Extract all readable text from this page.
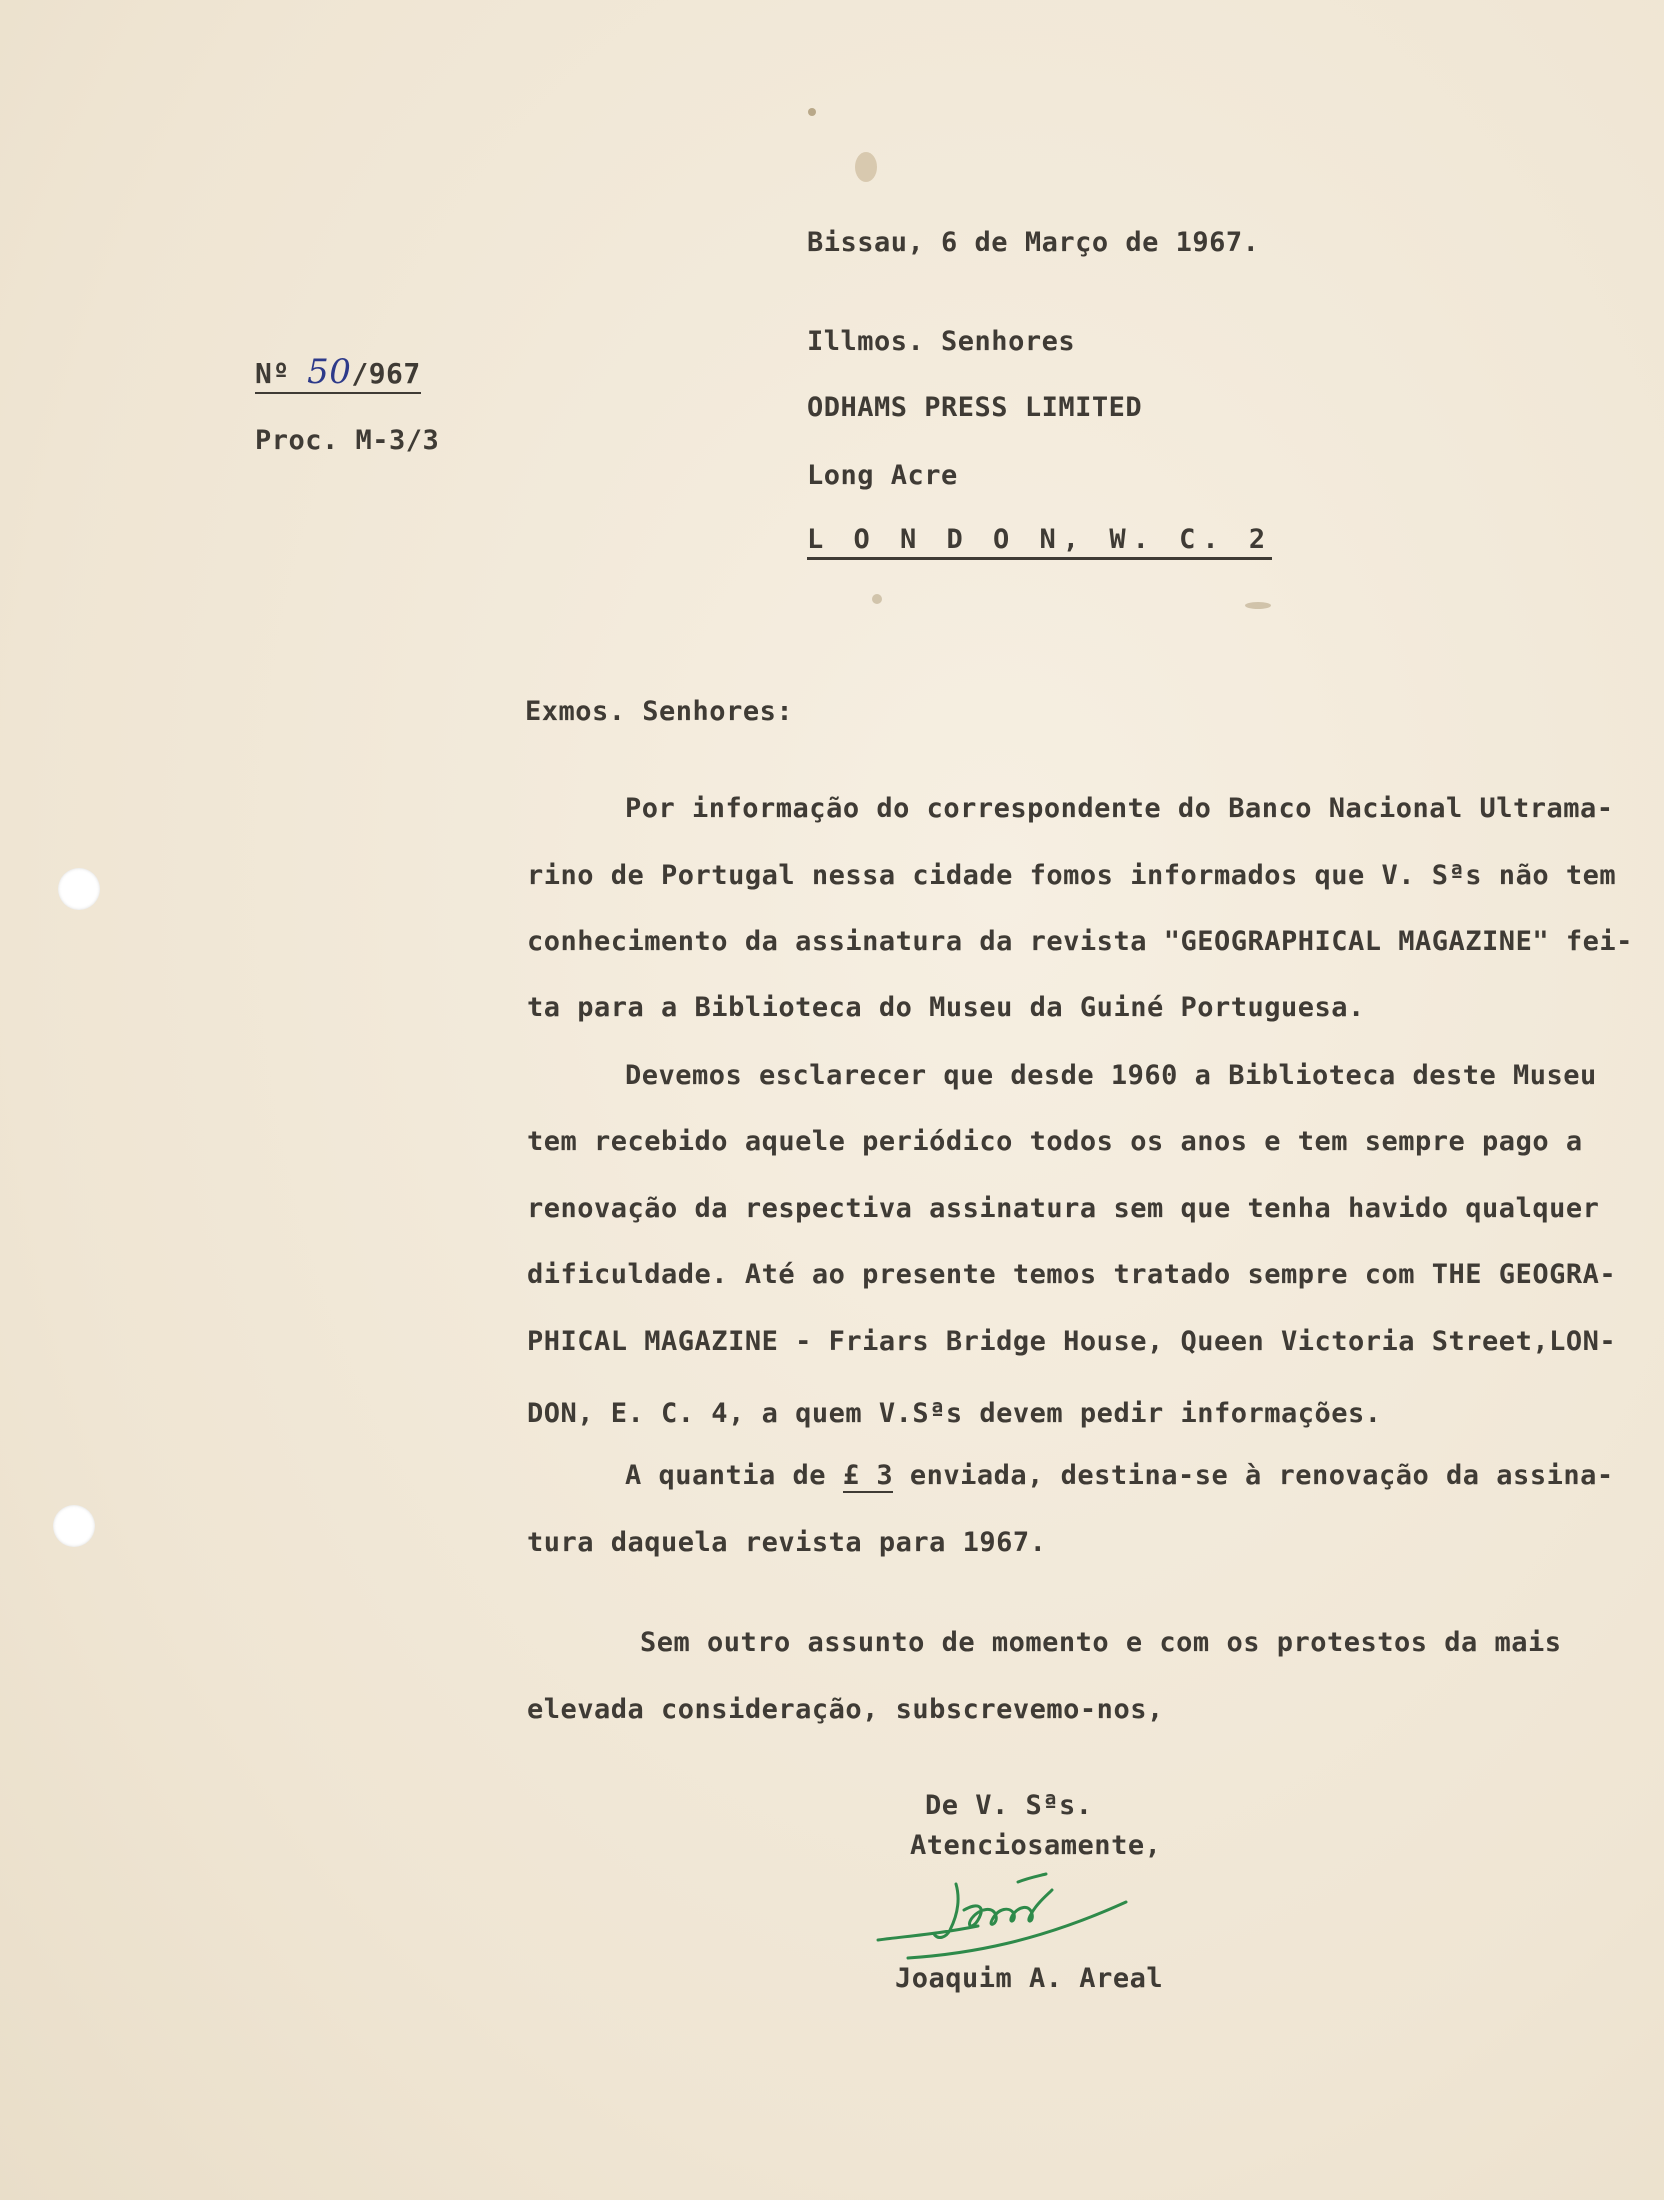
Bissau, 6 de Março de 1967.
Nº 50/967
Proc. M-3/3
Illmos. Senhores
ODHAMS PRESS LIMITED
Long Acre
L O N D O N, W. C. 2
Exmos. Senhores:
Por informação do correspondente do Banco Nacional Ultrama-
rino de Portugal nessa cidade fomos informados que V. Sªs não tem
conhecimento da assinatura da revista "GEOGRAPHICAL MAGAZINE" fei-
ta para a Biblioteca do Museu da Guiné Portuguesa.
Devemos esclarecer que desde 1960 a Biblioteca deste Museu
tem recebido aquele periódico todos os anos e tem sempre pago a
renovação da respectiva assinatura sem que tenha havido qualquer
dificuldade. Até ao presente temos tratado sempre com THE GEOGRA-
PHICAL MAGAZINE - Friars Bridge House, Queen Victoria Street,LON-
DON, E. C. 4, a quem V.Sªs devem pedir informações.
A quantia de £ 3 enviada, destina-se à renovação da assina-
tura daquela revista para 1967.
Sem outro assunto de momento e com os protestos da mais
elevada consideração, subscrevemo-nos,
De V. Sªs.
Atenciosamente,
Joaquim A. Areal
